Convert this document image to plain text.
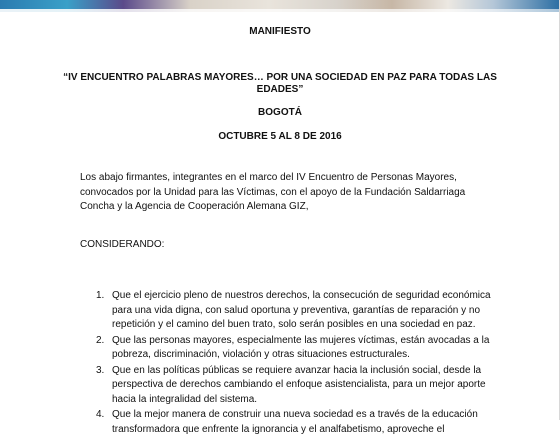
MANIFIESTO
“IV ENCUENTRO PALABRAS MAYORES… POR UNA SOCIEDAD EN PAZ PARA TODAS LAS
EDADES”
BOGOTÁ
OCTUBRE 5 AL 8 DE 2016
Los abajo firmantes, integrantes en el marco del IV Encuentro de Personas Mayores,
convocados por la Unidad para las Víctimas, con el apoyo de la Fundación Saldarriaga
Concha y la Agencia de Cooperación Alemana GIZ,
CONSIDERANDO:
1. Que el ejercicio pleno de nuestros derechos, la consecución de seguridad económica
para una vida digna, con salud oportuna y preventiva, garantías de reparación y no
repetición y el camino del buen trato, solo serán posibles en una sociedad en paz.
2. Que las personas mayores, especialmente las mujeres víctimas, están avocadas a la
pobreza, discriminación, violación y otras situaciones estructurales.
3. Que en las políticas públicas se requiere avanzar hacia la inclusión social, desde la
perspectiva de derechos cambiando el enfoque asistencialista, para un mejor aporte
hacia la integralidad del sistema.
4. Que la mejor manera de construir una nueva sociedad es a través de la educación
transformadora que enfrente la ignorancia y el analfabetismo, aproveche el
